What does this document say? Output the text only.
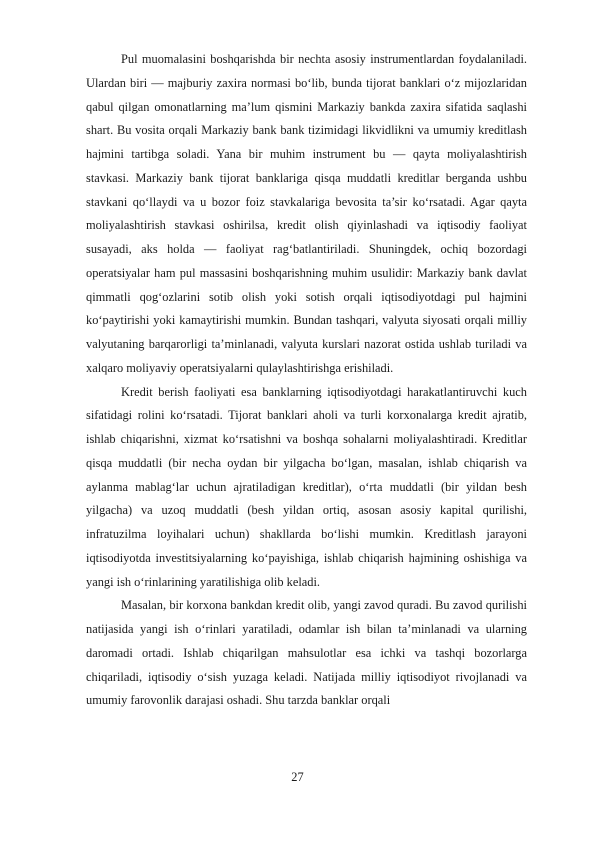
Pul muomalasini boshqarishda bir nechta asosiy instrumentlardan foydalaniladi. Ulardan biri — majburiy zaxira normasi bo‘lib, bunda tijorat banklari o‘z mijozlaridan qabul qilgan omonatlarning ma’lum qismini Markaziy bankda zaxira sifatida saqlashi shart. Bu vosita orqali Markaziy bank bank tizimidagi likvidlikni va umumiy kreditlash hajmini tartibga soladi. Yana bir muhim instrument bu — qayta moliyalashtirish stavkasi. Markaziy bank tijorat banklariga qisqa muddatli kreditlar berganda ushbu stavkani qo‘llaydi va u bozor foiz stavkalariga bevosita ta’sir ko‘rsatadi. Agar qayta moliyalashtirish stavkasi oshirilsa, kredit olish qiyinlashadi va iqtisodiy faoliyat susayadi, aks holda — faoliyat rag‘batlantiriladi. Shuningdek, ochiq bozordagi operatsiyalar ham pul massasini boshqarishning muhim usulidir: Markaziy bank davlat qimmatli qog‘ozlarini sotib olish yoki sotish orqali iqtisodiyotdagi pul hajmini ko‘paytirishi yoki kamaytirishi mumkin. Bundan tashqari, valyuta siyosati orqali milliy valyutaning barqarorligi ta’minlanadi, valyuta kurslari nazorat ostida ushlab turiladi va xalqaro moliyaviy operatsiyalarni qulaylashtirishga erishiladi.

Kredit berish faoliyati esa banklarning iqtisodiyotdagi harakatlantiruvchi kuch sifatidagi rolini ko‘rsatadi. Tijorat banklari aholi va turli korxonalarga kredit ajratib, ishlab chiqarishni, xizmat ko‘rsatishni va boshqa sohalarni moliyalashtiradi. Kreditlar qisqa muddatli (bir necha oydan bir yilgacha bo‘lgan, masalan, ishlab chiqarish va aylanma mablag‘lar uchun ajratiladigan kreditlar), o‘rta muddatli (bir yildan besh yilgacha) va uzoq muddatli (besh yildan ortiq, asosan asosiy kapital qurilishi, infratuzilma loyihalari uchun) shakllarda bo‘lishi mumkin. Kreditlash jarayoni iqtisodiyotda investitsiyalarning ko‘payishiga, ishlab chiqarish hajmining oshishiga va yangi ish o‘rinlarining yaratilishiga olib keladi.

Masalan, bir korxona bankdan kredit olib, yangi zavod quradi. Bu zavod qurilishi natijasida yangi ish o‘rinlari yaratiladi, odamlar ish bilan ta’minlanadi va ularning daromadi ortadi. Ishlab chiqarilgan mahsulotlar esa ichki va tashqi bozorlarga chiqariladi, iqtisodiy o‘sish yuzaga keladi. Natijada milliy iqtisodiyot rivojlanadi va umumiy farovonlik darajasi oshadi. Shu tarzda banklar orqali

27
